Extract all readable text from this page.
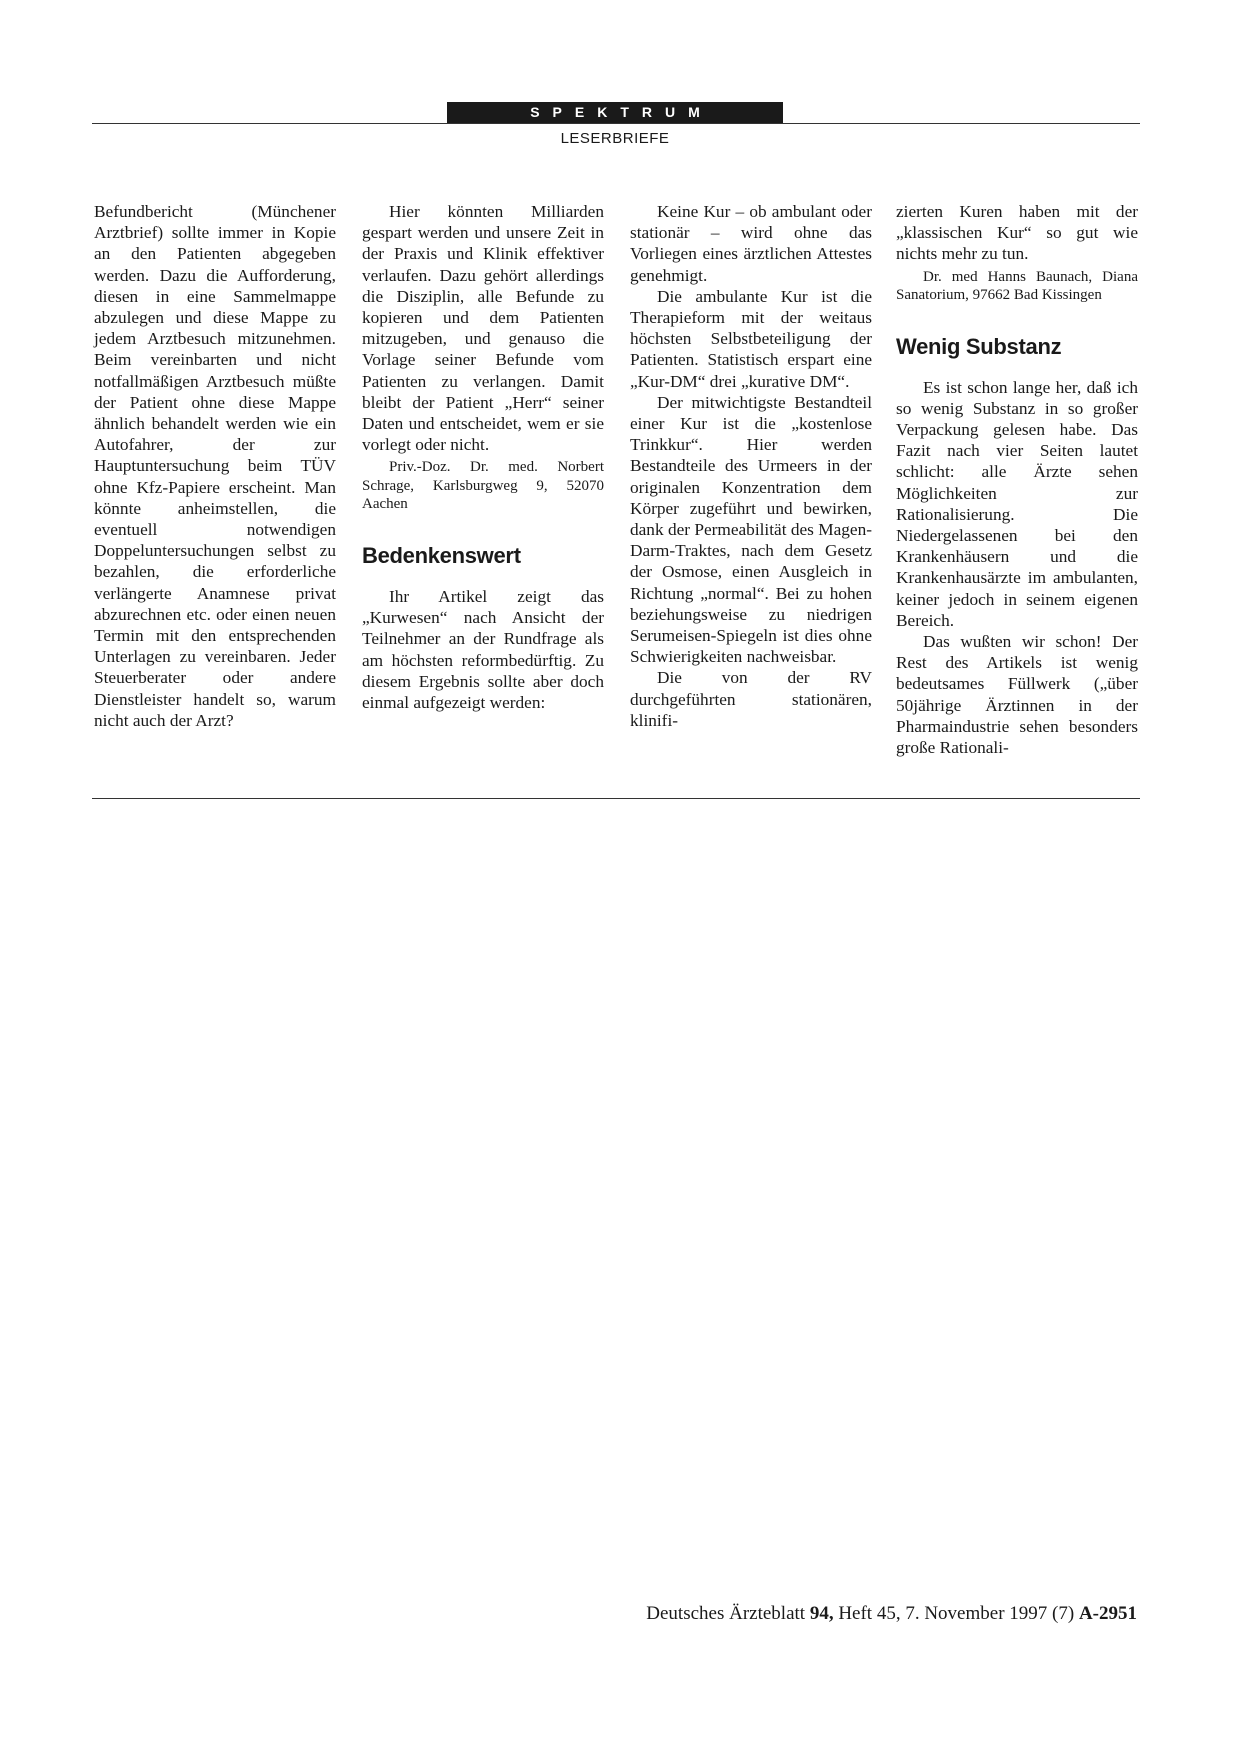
SPEKTRUM
LESERBRIEFE

Befundbericht (Münchener Arztbrief) sollte immer in Kopie an den Patienten abgegeben werden. Dazu die Aufforderung, diesen in eine Sammelmappe abzulegen und diese Mappe zu jedem Arztbesuch mitzunehmen. Beim vereinbarten und nicht notfallmäßigen Arztbesuch müßte der Patient ohne diese Mappe ähnlich behandelt werden wie ein Autofahrer, der zur Hauptuntersuchung beim TÜV ohne Kfz-Papiere erscheint. Man könnte anheimstellen, die eventuell notwendigen Doppeluntersuchungen selbst zu bezahlen, die erforderliche verlängerte Anamnese privat abzurechnen etc. oder einen neuen Termin mit den entsprechenden Unterlagen zu vereinbaren. Jeder Steuerberater oder andere Dienstleister handelt so, warum nicht auch der Arzt?

Hier könnten Milliarden gespart werden und unsere Zeit in der Praxis und Klinik effektiver verlaufen. Dazu gehört allerdings die Disziplin, alle Befunde zu kopieren und dem Patienten mitzugeben, und genauso die Vorlage seiner Befunde vom Patienten zu verlangen. Damit bleibt der Patient „Herr“ seiner Daten und entscheidet, wem er sie vorlegt oder nicht.

Priv.-Doz. Dr. med. Norbert Schrage, Karlsburgweg 9, 52070 Aachen

Bedenkenswert

Ihr Artikel zeigt das „Kurwesen“ nach Ansicht der Teilnehmer an der Rundfrage als am höchsten reformbedürftig. Zu diesem Ergebnis sollte aber doch einmal aufgezeigt werden:

Keine Kur – ob ambulant oder stationär – wird ohne das Vorliegen eines ärztlichen Attestes genehmigt.

Die ambulante Kur ist die Therapieform mit der weitaus höchsten Selbstbeteiligung der Patienten. Statistisch erspart eine „Kur-DM“ drei „kurative DM“.

Der mitwichtigste Bestandteil einer Kur ist die „kostenlose Trinkkur“. Hier werden Bestandteile des Urmeers in der originalen Konzentration dem Körper zugeführt und bewirken, dank der Permeabilität des Magen-Darm-Traktes, nach dem Gesetz der Osmose, einen Ausgleich in Richtung „normal“. Bei zu hohen beziehungsweise zu niedrigen Serumeisen-Spiegeln ist dies ohne Schwierigkeiten nachweisbar.

Die von der RV durchgeführten stationären, klinifi-

zierten Kuren haben mit der „klassischen Kur“ so gut wie nichts mehr zu tun.

Dr. med Hanns Baunach, Diana Sanatorium, 97662 Bad Kissingen

Wenig Substanz

Es ist schon lange her, daß ich so wenig Substanz in so großer Verpackung gelesen habe. Das Fazit nach vier Seiten lautet schlicht: alle Ärzte sehen Möglichkeiten zur Rationalisierung. Die Niedergelassenen bei den Krankenhäusern und die Krankenhausärzte im ambulanten, keiner jedoch in seinem eigenen Bereich.

Das wußten wir schon! Der Rest des Artikels ist wenig bedeutsames Füllwerk („über 50jährige Ärztinnen in der Pharmaindustrie sehen besonders große Rationali-

Deutsches Ärzteblatt 94, Heft 45, 7. November 1997 (7) A-2951
